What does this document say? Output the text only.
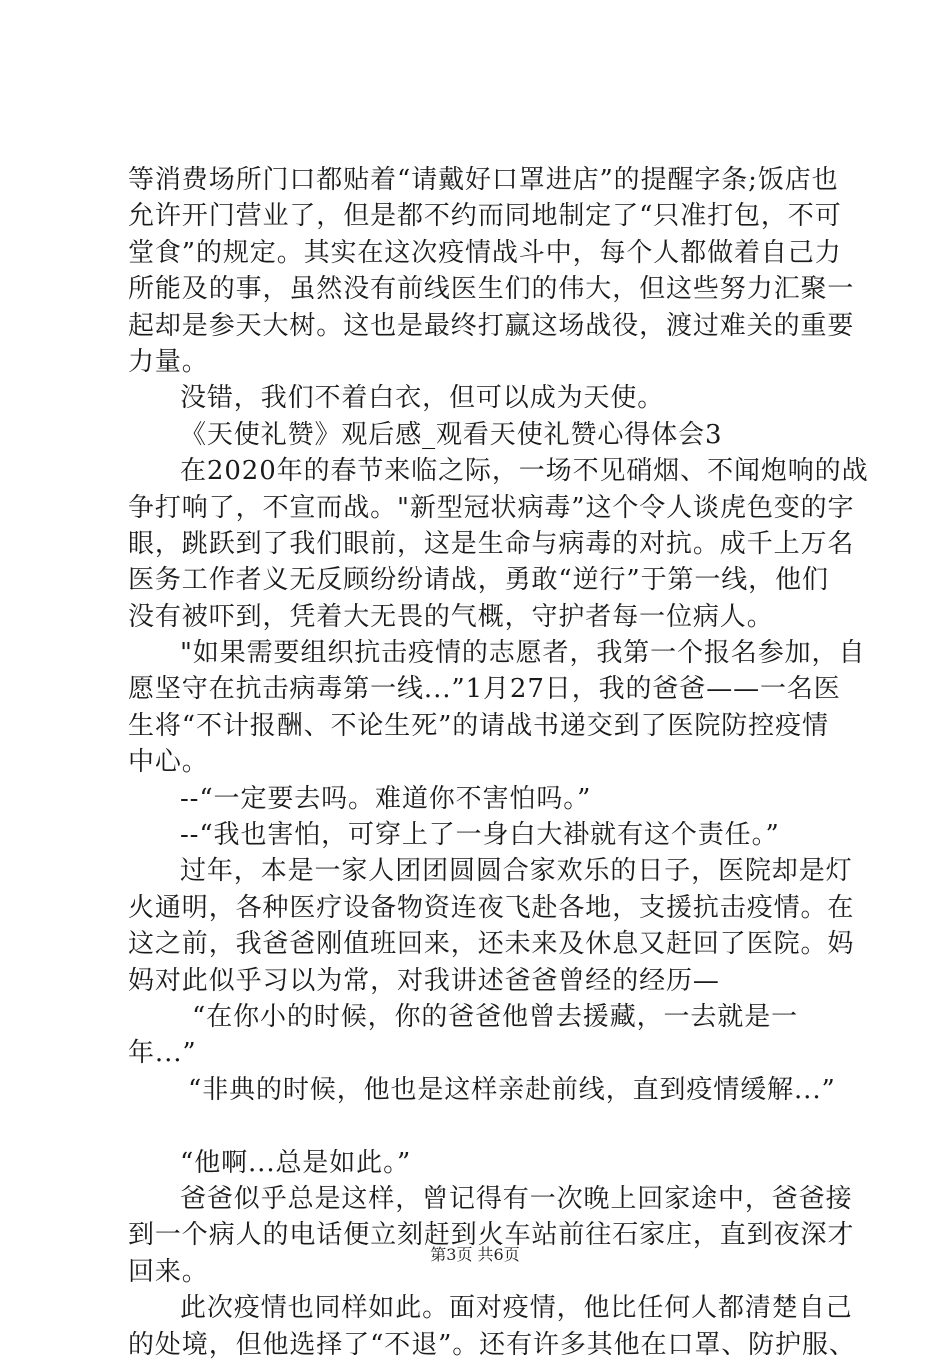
等消费场所门口都贴着“请戴好口罩进店”的提醒字条;饭店也
允许开门营业了，但是都不约而同地制定了“只准打包，不可
堂食”的规定。其实在这次疫情战斗中，每个人都做着自己力
所能及的事，虽然没有前线医生们的伟大，但这些努力汇聚一
起却是参天大树。这也是最终打赢这场战役，渡过难关的重要
力量。
没错，我们不着白衣，但可以成为天使。
《天使礼赞》观后感_观看天使礼赞心得体会3
在2020年的春节来临之际，一场不见硝烟、不闻炮响的战
争打响了，不宣而战。"新型冠状病毒”这个令人谈虎色变的字
眼，跳跃到了我们眼前，这是生命与病毒的对抗。成千上万名
医务工作者义无反顾纷纷请战，勇敢“逆行”于第一线，他们
没有被吓到，凭着大无畏的气概，守护者每一位病人。
"如果需要组织抗击疫情的志愿者，我第一个报名参加，自
愿坚守在抗击病毒第一线...”1月27日，我的爸爸——一名医
生将“不计报酬、不论生死”的请战书递交到了医院防控疫情
中心。
--“一定要去吗。难道你不害怕吗。”
--“我也害怕，可穿上了一身白大褂就有这个责任。”
过年，本是一家人团团圆圆合家欢乐的日子，医院却是灯
火通明，各种医疗设备物资连夜飞赴各地，支援抗击疫情。在
这之前，我爸爸刚值班回来，还未来及休息又赶回了医院。妈
妈对此似乎习以为常，对我讲述爸爸曾经的经历—
“在你小的时候，你的爸爸他曾去援藏，一去就是一
年...”
“非典的时候，他也是这样亲赴前线，直到疫情缓解...”
“他啊...总是如此。”
爸爸似乎总是这样，曾记得有一次晚上回家途中，爸爸接
到一个病人的电话便立刻赶到火车站前往石家庄，直到夜深才
回来。
此次疫情也同样如此。面对疫情，他比任何人都清楚自己
的处境，但他选择了“不退”。还有许多其他在口罩、防护服、
第3页 共6页
